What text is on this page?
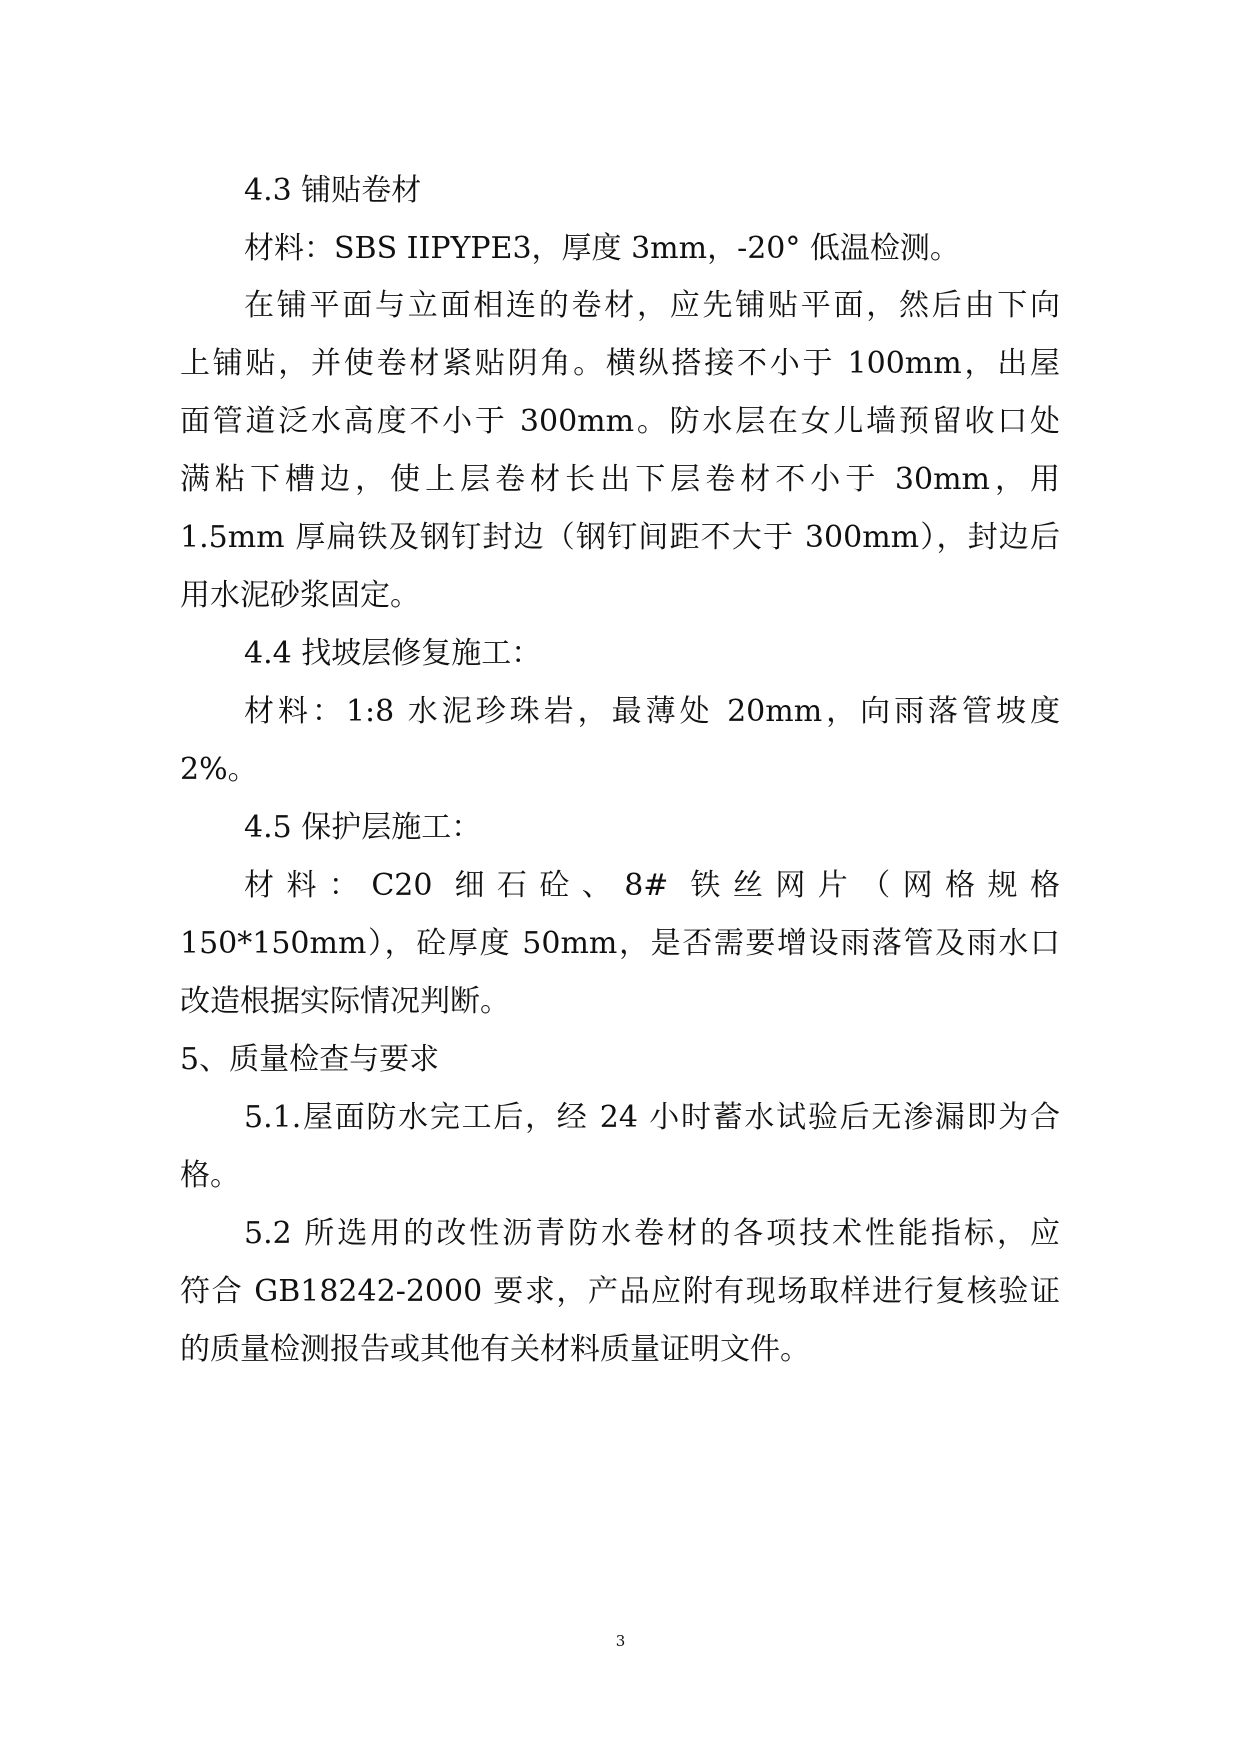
4.3 铺贴卷材
材料：SBS IIPYPE3，厚度 3mm，-20° 低温检测。
在铺平面与立面相连的卷材，应先铺贴平面，然后由下向
上铺贴，并使卷材紧贴阴角。横纵搭接不小于 100mm，出屋
面管道泛水高度不小于 300mm。防水层在女儿墙预留收口处
满粘下槽边，使上层卷材长出下层卷材不小于 30mm，用
1.5mm 厚扁铁及钢钉封边（钢钉间距不大于 300mm），封边后
用水泥砂浆固定。
4.4 找坡层修复施工：
材料：1:8 水泥珍珠岩，最薄处 20mm，向雨落管坡度
2%。
4.5 保护层施工：
材料：C20 细石砼、8# 铁丝网片（网格规格
150*150mm），砼厚度 50mm，是否需要增设雨落管及雨水口
改造根据实际情况判断。
5、质量检查与要求
5.1.屋面防水完工后，经 24 小时蓄水试验后无渗漏即为合
格。
5.2 所选用的改性沥青防水卷材的各项技术性能指标，应
符合 GB18242-2000 要求，产品应附有现场取样进行复核验证
的质量检测报告或其他有关材料质量证明文件。
3
